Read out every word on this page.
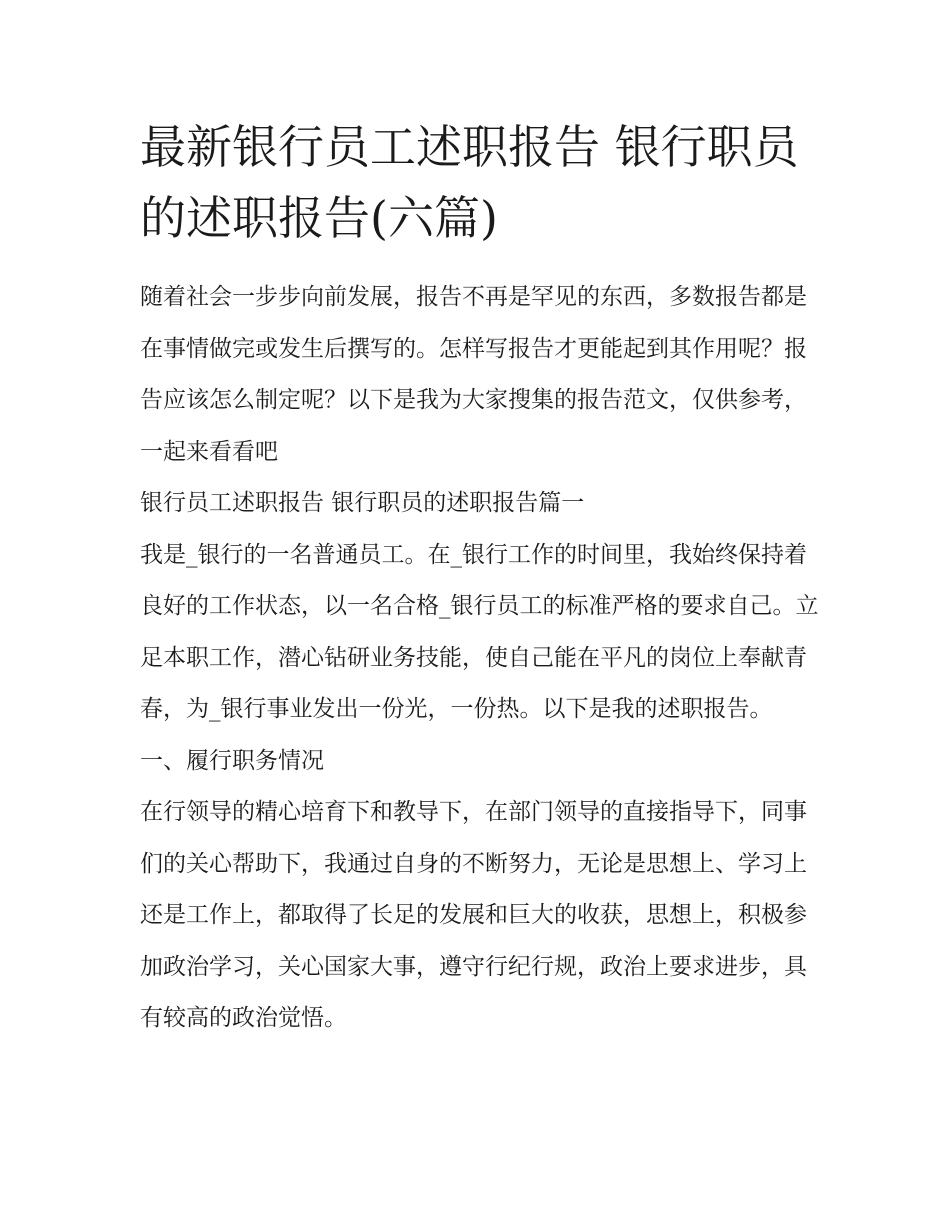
最新银行员工述职报告 银行职员的述职报告(六篇)

随着社会一步步向前发展，报告不再是罕见的东西，多数报告都是在事情做完或发生后撰写的。怎样写报告才更能起到其作用呢？报告应该怎么制定呢？以下是我为大家搜集的报告范文，仅供参考，一起来看看吧

银行员工述职报告 银行职员的述职报告篇一

我是_银行的一名普通员工。在_银行工作的时间里，我始终保持着良好的工作状态，以一名合格_银行员工的标准严格的要求自己。立足本职工作，潜心钻研业务技能，使自己能在平凡的岗位上奉献青春，为_银行事业发出一份光，一份热。以下是我的述职报告。

一、履行职务情况

在行领导的精心培育下和教导下，在部门领导的直接指导下，同事们的关心帮助下，我通过自身的不断努力，无论是思想上、学习上还是工作上，都取得了长足的发展和巨大的收获，思想上，积极参加政治学习，关心国家大事，遵守行纪行规，政治上要求进步，具有较高的政治觉悟。
